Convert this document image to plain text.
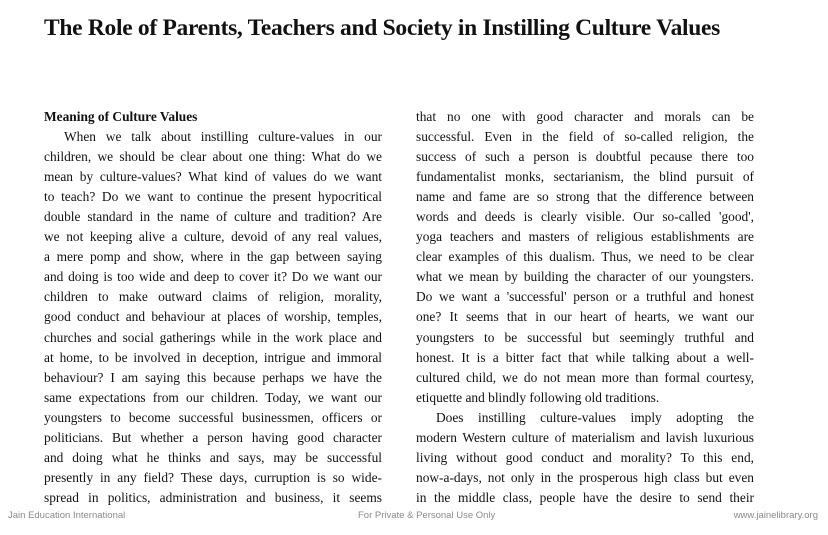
The Role of Parents, Teachers and Society in Instilling Culture Values
Meaning of Culture Values
When we talk about instilling culture-values in our
children, we should be clear about one thing: What do we
mean by culture-values? What kind of values do we want
to teach? Do we want to continue the present hypocritical
double standard in the name of culture and tradition? Are
we not keeping alive a culture, devoid of any real values,
a mere pomp and show, where in the gap between saying
and doing is too wide and deep to cover it? Do we want our
children to make outward claims of religion, morality,
good conduct and behaviour at places of worship, temples,
churches and social gatherings while in the work place and
at home, to be involved in deception, intrigue and immoral
behaviour? I am saying this because perhaps we have the
same expectations from our children. Today, we want our
youngsters to become successful businessmen, officers or
politicians. But whether a person having good character
and doing what he thinks and says, may be successful
presently in any field? These days, curruption is so wide-
spread in politics, administration and business, it seems
that no one with good character and morals can be
successful. Even in the field of so-called religion, the
success of such a person is doubtful pecause there too
fundamentalist monks, sectarianism, the blind pursuit of
name and fame are so strong that the difference between
words and deeds is clearly visible. Our so-called 'good',
yoga teachers and masters of religious establishments are
clear examples of this dualism. Thus, we need to be clear
what we mean by building the character of our youngsters.
Do we want a 'successful' person or a truthful and honest
one? It seems that in our heart of hearts, we want our
youngsters to be successful but seemingly truthful and
honest. It is a bitter fact that while talking about a well-
cultured child, we do not mean more than formal courtesy,
etiquette and blindly following old traditions.
Does instilling culture-values imply adopting the
modern Western culture of materialism and lavish luxurious
living without good conduct and morality? To this end,
now-a-days, not only in the prosperous high class but even
in the middle class, people have the desire to send their
Jain Education International	For Private & Personal Use Only	www.jainelibrary.org
